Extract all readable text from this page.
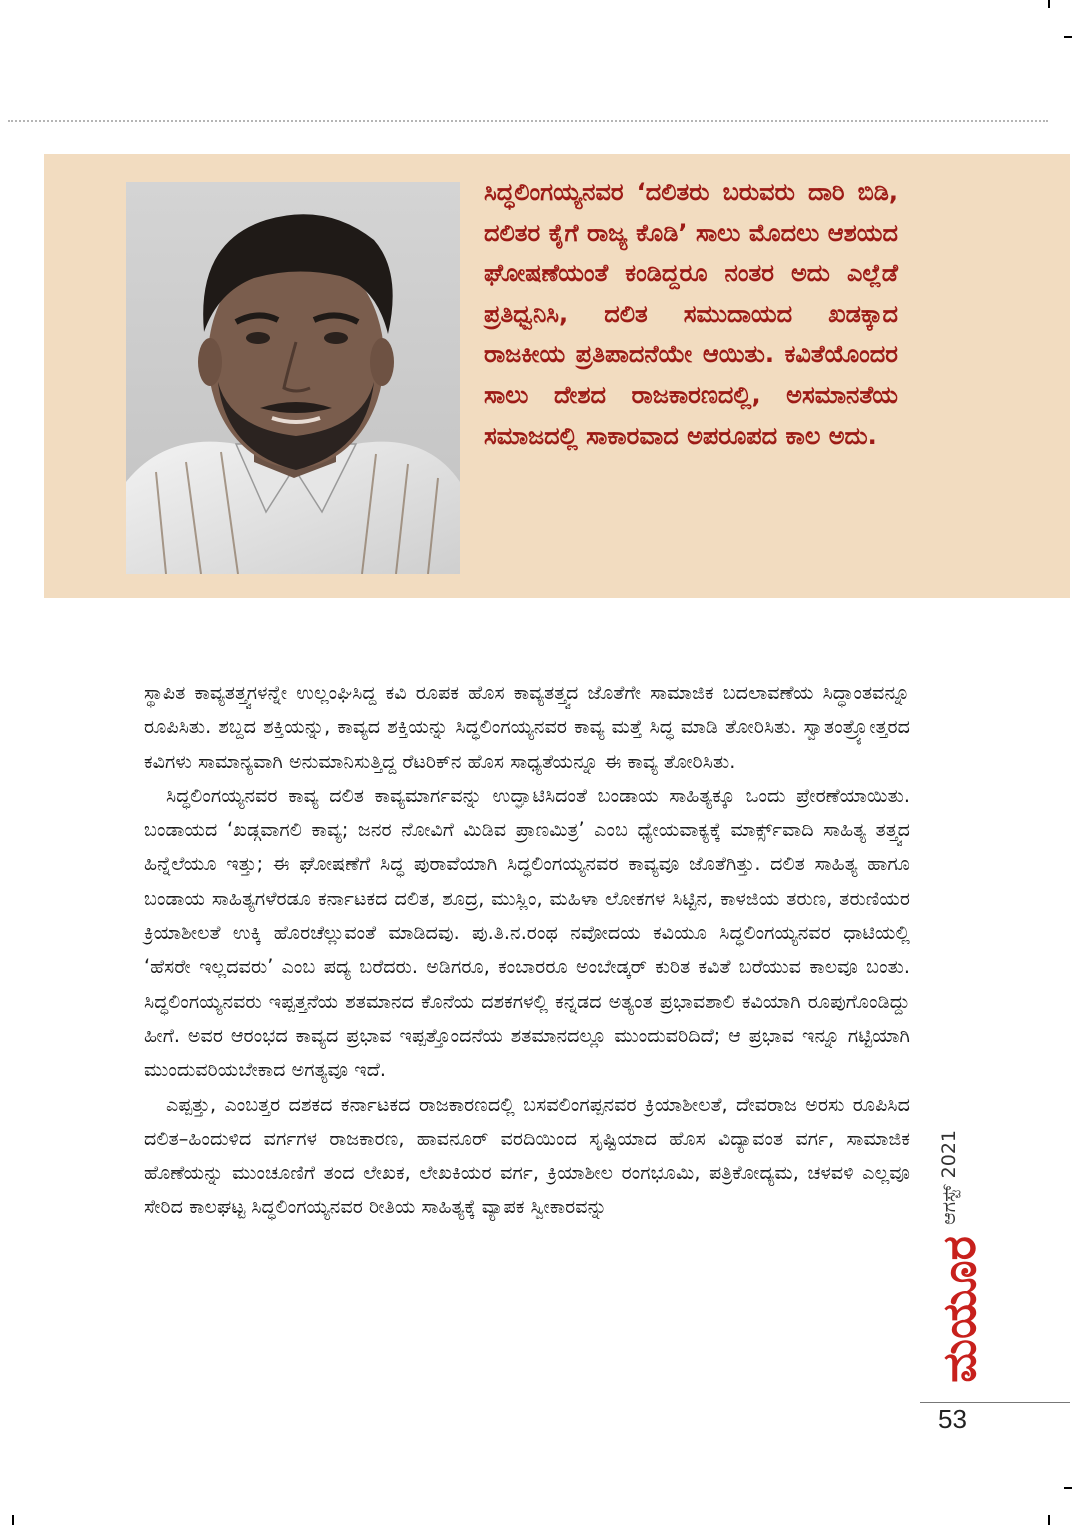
ಸಿದ್ಧಲಿಂಗಯ್ಯನವರ ‘ದಲಿತರು ಬರುವರು ದಾರಿ ಬಿಡಿ, ದಲಿತರ ಕೈಗೆ ರಾಜ್ಯ ಕೊಡಿ’ ಸಾಲು ಮೊದಲು ಆಶಯದ ಘೋಷಣೆಯಂತೆ ಕಂಡಿದ್ದರೂ ನಂತರ ಅದು ಎಲ್ಲೆಡೆ ಪ್ರತಿಧ್ವನಿಸಿ, ದಲಿತ ಸಮುದಾಯದ ಖಡಕ್ಕಾದ ರಾಜಕೀಯ ಪ್ರತಿಪಾದನೆಯೇ ಆಯಿತು. ಕವಿತೆಯೊಂದರ ಸಾಲು ದೇಶದ ರಾಜಕಾರಣದಲ್ಲಿ, ಅಸಮಾನತೆಯ ಸಮಾಜದಲ್ಲಿ ಸಾಕಾರವಾದ ಅಪರೂಪದ ಕಾಲ ಅದು.

ಸ್ಥಾಪಿತ ಕಾವ್ಯತತ್ತ್ವಗಳನ್ನೇ ಉಲ್ಲಂಘಿಸಿದ್ದ ಕವಿ ರೂಪಕ ಹೊಸ ಕಾವ್ಯತತ್ತ್ವದ ಜೊತೆಗೇ ಸಾಮಾಜಿಕ ಬದಲಾವಣೆಯ ಸಿದ್ಧಾಂತವನ್ನೂ ರೂಪಿಸಿತು. ಶಬ್ದದ ಶಕ್ತಿಯನ್ನು, ಕಾವ್ಯದ ಶಕ್ತಿಯನ್ನು ಸಿದ್ಧಲಿಂಗಯ್ಯನವರ ಕಾವ್ಯ ಮತ್ತೆ ಸಿದ್ಧ ಮಾಡಿ ತೋರಿಸಿತು. ಸ್ವಾತಂತ್ರ್ಯೋತ್ತರದ ಕವಿಗಳು ಸಾಮಾನ್ಯವಾಗಿ ಅನುಮಾನಿಸುತ್ತಿದ್ದ ರೆಟರಿಕ್‌ನ ಹೊಸ ಸಾಧ್ಯತೆಯನ್ನೂ ಈ ಕಾವ್ಯ ತೋರಿಸಿತು.

ಸಿದ್ಧಲಿಂಗಯ್ಯನವರ ಕಾವ್ಯ ದಲಿತ ಕಾವ್ಯಮಾರ್ಗವನ್ನು ಉದ್ಘಾಟಿಸಿದಂತೆ ಬಂಡಾಯ ಸಾಹಿತ್ಯಕ್ಕೂ ಒಂದು ಪ್ರೇರಣೆಯಾಯಿತು. ಬಂಡಾಯದ ‘ಖಡ್ಗವಾಗಲಿ ಕಾವ್ಯ; ಜನರ ನೋವಿಗೆ ಮಿಡಿವ ಪ್ರಾಣಮಿತ್ರ’ ಎಂಬ ಧ್ಯೇಯವಾಕ್ಯಕ್ಕೆ ಮಾರ್ಕ್ಸ್‌ವಾದಿ ಸಾಹಿತ್ಯ ತತ್ತ್ವದ ಹಿನ್ನೆಲೆಯೂ ಇತ್ತು; ಈ ಘೋಷಣೆಗೆ ಸಿದ್ಧ ಪುರಾವೆಯಾಗಿ ಸಿದ್ಧಲಿಂಗಯ್ಯನವರ ಕಾವ್ಯವೂ ಜೊತೆಗಿತ್ತು. ದಲಿತ ಸಾಹಿತ್ಯ ಹಾಗೂ ಬಂಡಾಯ ಸಾಹಿತ್ಯಗಳೆರಡೂ ಕರ್ನಾಟಕದ ದಲಿತ, ಶೂದ್ರ, ಮುಸ್ಲಿಂ, ಮಹಿಳಾ ಲೋಕಗಳ ಸಿಟ್ಟಿನ, ಕಾಳಜಿಯ ತರುಣ, ತರುಣಿಯರ ಕ್ರಿಯಾಶೀಲತೆ ಉಕ್ಕಿ ಹೊರಚೆಲ್ಲುವಂತೆ ಮಾಡಿದವು. ಪು.ತಿ.ನ.ರಂಥ ನವೋದಯ ಕವಿಯೂ ಸಿದ್ಧಲಿಂಗಯ್ಯನವರ ಧಾಟಿಯಲ್ಲಿ ‘ಹೆಸರೇ ಇಲ್ಲದವರು’ ಎಂಬ ಪದ್ಯ ಬರೆದರು. ಅಡಿಗರೂ, ಕಂಬಾರರೂ ಅಂಬೇಡ್ಕರ್ ಕುರಿತ ಕವಿತೆ ಬರೆಯುವ ಕಾಲವೂ ಬಂತು. ಸಿದ್ಧಲಿಂಗಯ್ಯನವರು ಇಪ್ಪತ್ತನೆಯ ಶತಮಾನದ ಕೊನೆಯ ದಶಕಗಳಲ್ಲಿ ಕನ್ನಡದ ಅತ್ಯಂತ ಪ್ರಭಾವಶಾಲಿ ಕವಿಯಾಗಿ ರೂಪುಗೊಂಡಿದ್ದು ಹೀಗೆ. ಅವರ ಆರಂಭದ ಕಾವ್ಯದ ಪ್ರಭಾವ ಇಪ್ಪತ್ತೊಂದನೆಯ ಶತಮಾನದಲ್ಲೂ ಮುಂದುವರಿದಿದೆ; ಆ ಪ್ರಭಾವ ಇನ್ನೂ ಗಟ್ಟಿಯಾಗಿ ಮುಂದುವರಿಯಬೇಕಾದ ಅಗತ್ಯವೂ ಇದೆ.

ಎಪ್ಪತ್ತು, ಎಂಬತ್ತರ ದಶಕದ ಕರ್ನಾಟಕದ ರಾಜಕಾರಣದಲ್ಲಿ ಬಸವಲಿಂಗಪ್ಪನವರ ಕ್ರಿಯಾಶೀಲತೆ, ದೇವರಾಜ ಅರಸು ರೂಪಿಸಿದ ದಲಿತ–ಹಿಂದುಳಿದ ವರ್ಗಗಳ ರಾಜಕಾರಣ, ಹಾವನೂರ್ ವರದಿಯಿಂದ ಸೃಷ್ಟಿಯಾದ ಹೊಸ ವಿದ್ಯಾವಂತ ವರ್ಗ, ಸಾಮಾಜಿಕ ಹೊಣೆಯನ್ನು ಮುಂಚೂಣಿಗೆ ತಂದ ಲೇಖಕ, ಲೇಖಕಿಯರ ವರ್ಗ, ಕ್ರಿಯಾಶೀಲ ರಂಗಭೂಮಿ, ಪತ್ರಿಕೋದ್ಯಮ, ಚಳವಳಿ ಎಲ್ಲವೂ ಸೇರಿದ ಕಾಲಘಟ್ಟ ಸಿದ್ಧಲಿಂಗಯ್ಯನವರ ರೀತಿಯ ಸಾಹಿತ್ಯಕ್ಕೆ ವ್ಯಾಪಕ ಸ್ವೀಕಾರವನ್ನು	ಆಗಸ್ಟ್ 2021
ಮಯೂರ
53
